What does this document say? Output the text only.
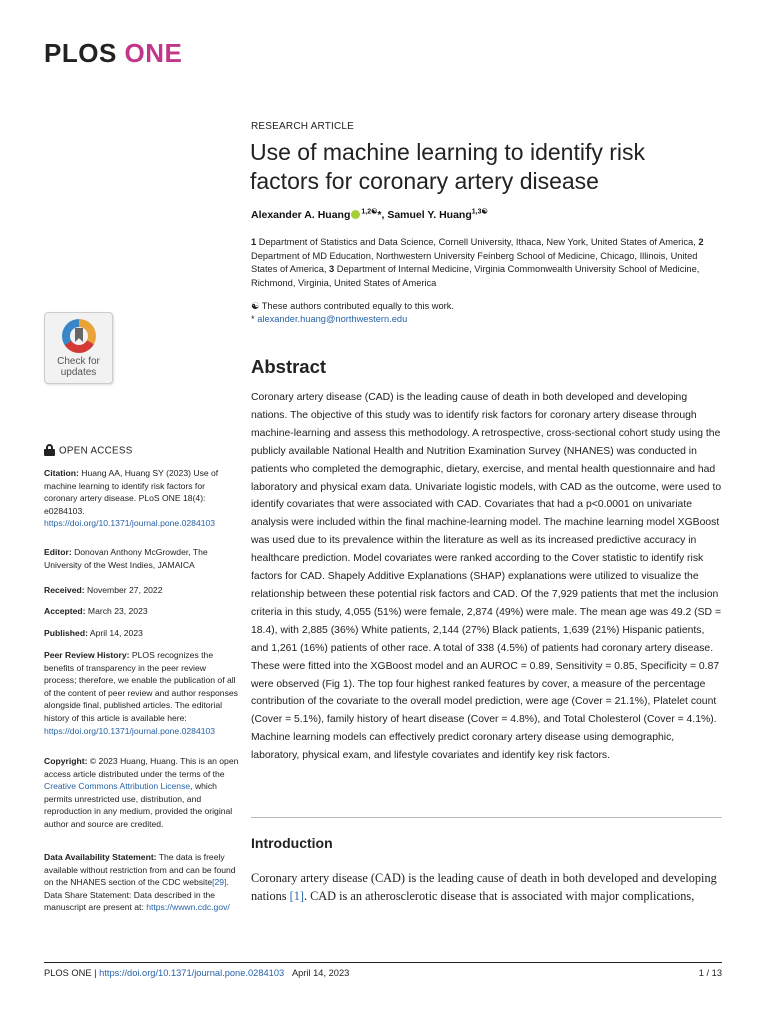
PLOS ONE
RESEARCH ARTICLE
Use of machine learning to identify risk factors for coronary artery disease
Alexander A. Huang $^{1,2☯}$*, Samuel Y. Huang$^{1,3☯}$
1 Department of Statistics and Data Science, Cornell University, Ithaca, New York, United States of America, 2 Department of MD Education, Northwestern University Feinberg School of Medicine, Chicago, Illinois, United States of America, 3 Department of Internal Medicine, Virginia Commonwealth University School of Medicine, Richmond, Virginia, United States of America
☯ These authors contributed equally to this work.
* alexander.huang@northwestern.edu
Abstract

Coronary artery disease (CAD) is the leading cause of death in both developed and developing nations. The objective of this study was to identify risk factors for coronary artery disease through machine-learning and assess this methodology. A retrospective, cross-sectional cohort study using the publicly available National Health and Nutrition Examination Survey (NHANES) was conducted in patients who completed the demographic, dietary, exercise, and mental health questionnaire and had laboratory and physical exam data. Univariate logistic models, with CAD as the outcome, were used to identify covariates that were associated with CAD. Covariates that had a p<0.0001 on univariate analysis were included within the final machine-learning model. The machine learning model XGBoost was used due to its prevalence within the literature as well as its increased predictive accuracy in healthcare prediction. Model covariates were ranked according to the Cover statistic to identify risk factors for CAD. Shapely Additive Explanations (SHAP) explanations were utilized to visualize the relationship between these potential risk factors and CAD. Of the 7,929 patients that met the inclusion criteria in this study, 4,055 (51%) were female, 2,874 (49%) were male. The mean age was 49.2 (SD = 18.4), with 2,885 (36%) White patients, 2,144 (27%) Black patients, 1,639 (21%) Hispanic patients, and 1,261 (16%) patients of other race. A total of 338 (4.5%) of patients had coronary artery disease. These were fitted into the XGBoost model and an AUROC = 0.89, Sensitivity = 0.85, Specificity = 0.87 were observed (Fig 1). The top four highest ranked features by cover, a measure of the percentage contribution of the covariate to the overall model prediction, were age (Cover = 21.1%), Platelet count (Cover = 5.1%), family history of heart disease (Cover = 4.8%), and Total Cholesterol (Cover = 4.1%). Machine learning models can effectively predict coronary artery disease using demographic, laboratory, physical exam, and lifestyle covariates and identify key risk factors.

Introduction

Coronary artery disease (CAD) is the leading cause of death in both developed and developing nations [1]. CAD is an atherosclerotic disease that is associated with major complications,

Check for
updates
OPEN ACCESS
Citation: Huang AA, Huang SY (2023) Use of machine learning to identify risk factors for coronary artery disease. PLoS ONE 18(4): e0284103. https://doi.org/10.1371/journal.pone.0284103
Editor: Donovan Anthony McGrowder, The University of the West Indies, JAMAICA
Received: November 27, 2022
Accepted: March 23, 2023
Published: April 14, 2023
Peer Review History: PLOS recognizes the benefits of transparency in the peer review process; therefore, we enable the publication of all of the content of peer review and author responses alongside final, published articles. The editorial history of this article is available here: https://doi.org/10.1371/journal.pone.0284103
Copyright: © 2023 Huang, Huang. This is an open access article distributed under the terms of the Creative Commons Attribution License, which permits unrestricted use, distribution, and reproduction in any medium, provided the original author and source are credited.
Data Availability Statement: The data is freely available without restriction from and can be found on the NHANES section of the CDC website[29]. Data Share Statement: Data described in the manuscript are present at: https://wwwn.cdc.gov/
PLOS ONE | https://doi.org/10.1371/journal.pone.0284103 April 14, 2023	1 / 13
